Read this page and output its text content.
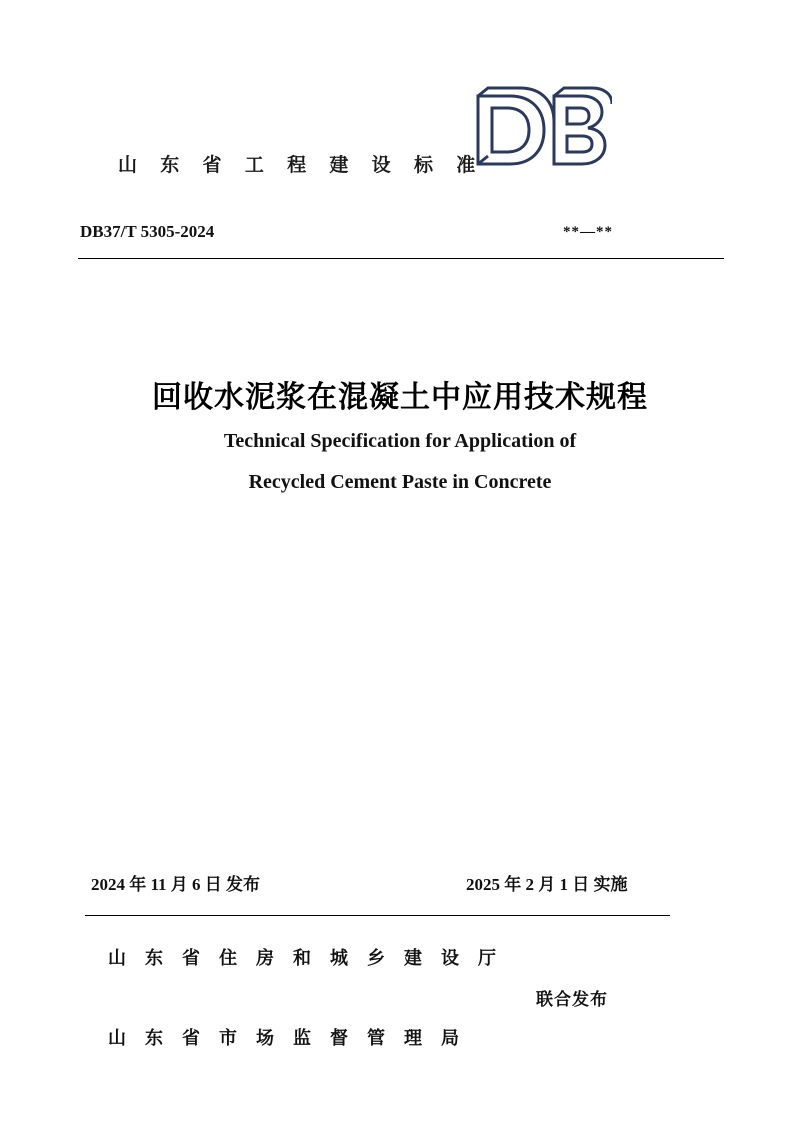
山 东 省 工 程 建 设 标 准
DB37/T 5305-2024	**—**
回收水泥浆在混凝土中应用技术规程
Technical Specification for Application of
Recycled Cement Paste in Concrete
2024 年 11 月 6 日 发布	2025 年 2 月 1 日 实施
山 东 省 住 房 和 城 乡 建 设 厅
联合发布
山 东 省 市 场 监 督 管 理 局
